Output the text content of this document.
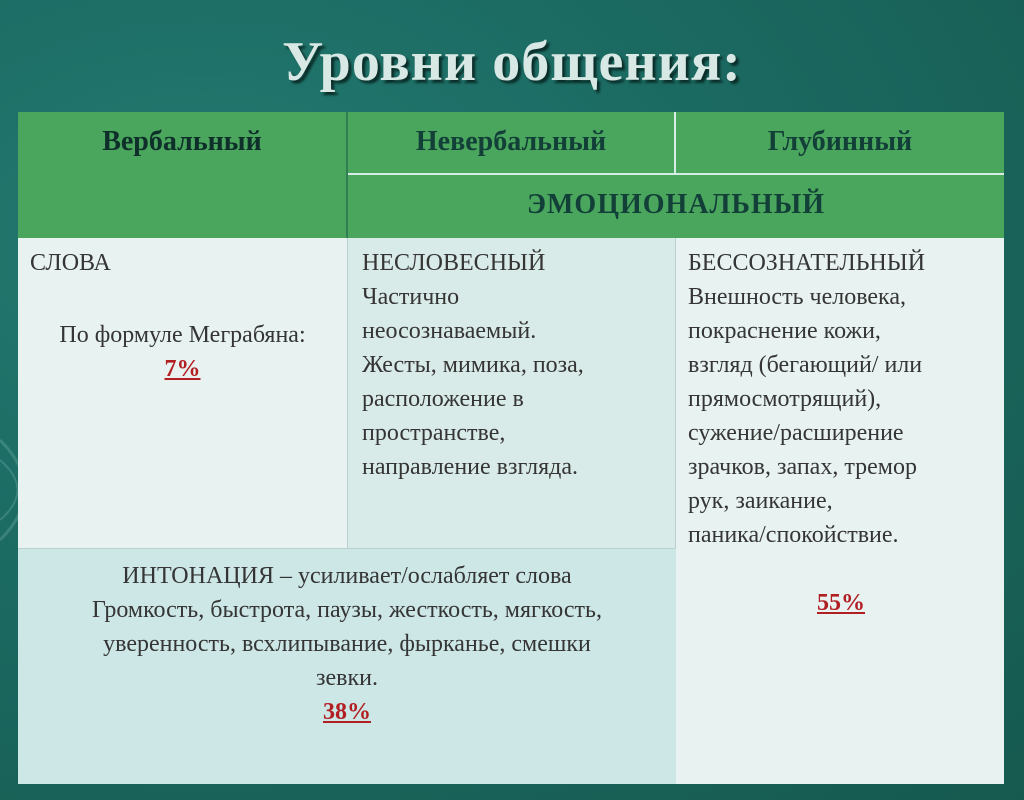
Уровни общения:
Вербальный	Невербальный	Глубинный
ЭМОЦИОНАЛЬНЫЙ
СЛОВА
По формуле Меграбяна:
7%
НЕСЛОВЕСНЫЙ
Частично
неосознаваемый.
Жесты, мимика, поза,
расположение в
пространстве,
направление взгляда.
БЕССОЗНАТЕЛЬНЫЙ
Внешность человека,
покраснение кожи,
взгляд (бегающий/ или
прямосмотрящий),
сужение/расширение
зрачков, запах, тремор
рук, заикание,
паника/спокойствие.
55%
ИНТОНАЦИЯ – усиливает/ослабляет слова
Громкость, быстрота, паузы, жесткость, мягкость,
уверенность, всхлипывание, фырканье, смешки
зевки.
38%
